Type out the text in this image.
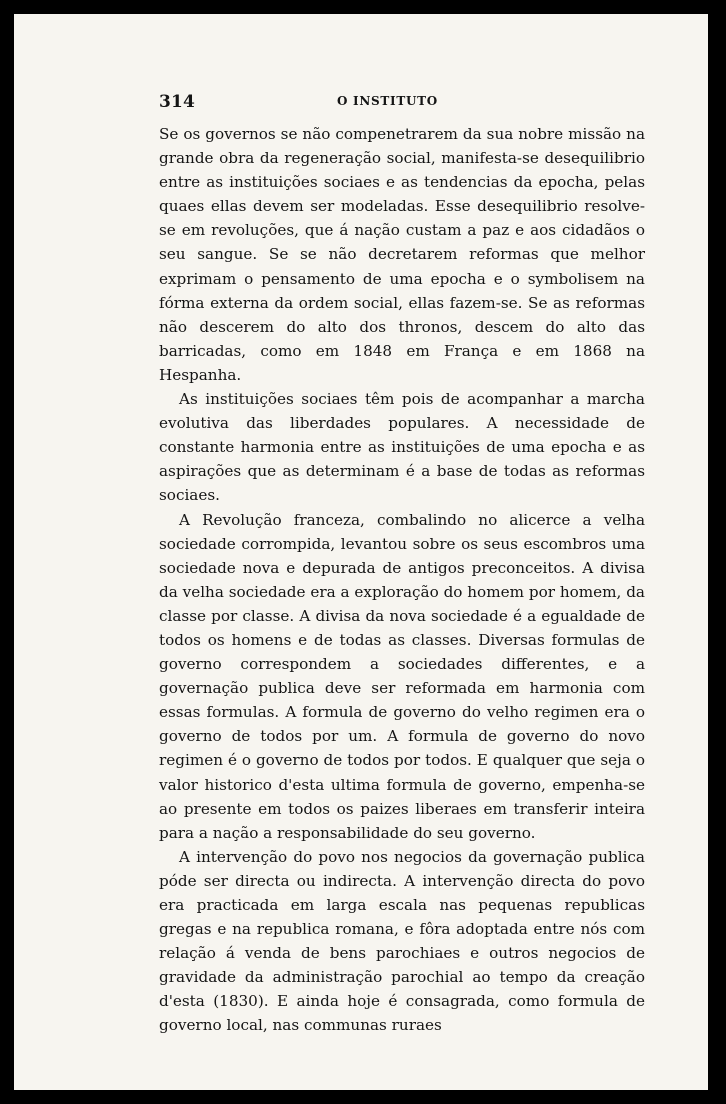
314	O INSTITUTO

Se os governos se não compenetrarem da sua nobre missão na grande obra da regeneração social, manifesta-se desequilibrio entre as instituições sociaes e as tendencias da epocha, pelas quaes ellas devem ser modeladas. Esse desequilibrio resolve-se em revoluções, que á nação custam a paz e aos cidadãos o seu sangue. Se se não decretarem reformas que melhor exprimam o pensamento de uma epocha e o symbolisem na fórma externa da ordem social, ellas fazem-se. Se as reformas não descerem do alto dos thronos, descem do alto das barricadas, como em 1848 em França e em 1868 na Hespanha.

As instituições sociaes têm pois de acompanhar a marcha evolutiva das liberdades populares. A necessidade de constante harmonia entre as instituições de uma epocha e as aspirações que as determinam é a base de todas as reformas sociaes.

A Revolução franceza, combalindo no alicerce a velha sociedade corrompida, levantou sobre os seus escombros uma sociedade nova e depurada de antigos preconceitos. A divisa da velha sociedade era a exploração do homem por homem, da classe por classe. A divisa da nova sociedade é a egualdade de todos os homens e de todas as classes. Diversas formulas de governo correspondem a sociedades differentes, e a governação publica deve ser reformada em harmonia com essas formulas. A formula de governo do velho regimen era o governo de todos por um. A formula de governo do novo regimen é o governo de todos por todos. E qualquer que seja o valor historico d'esta ultima formula de governo, empenha-se ao presente em todos os paizes liberaes em transferir inteira para a nação a responsabilidade do seu governo.

A intervenção do povo nos negocios da governação publica póde ser directa ou indirecta. A intervenção directa do povo era practicada em larga escala nas pequenas republicas gregas e na republica romana, e fôra adoptada entre nós com relação á venda de bens parochiaes e outros negocios de gravidade da administração parochial ao tempo da creação d'esta (1830). E ainda hoje é consagrada, como formula de governo local, nas communas ruraes
